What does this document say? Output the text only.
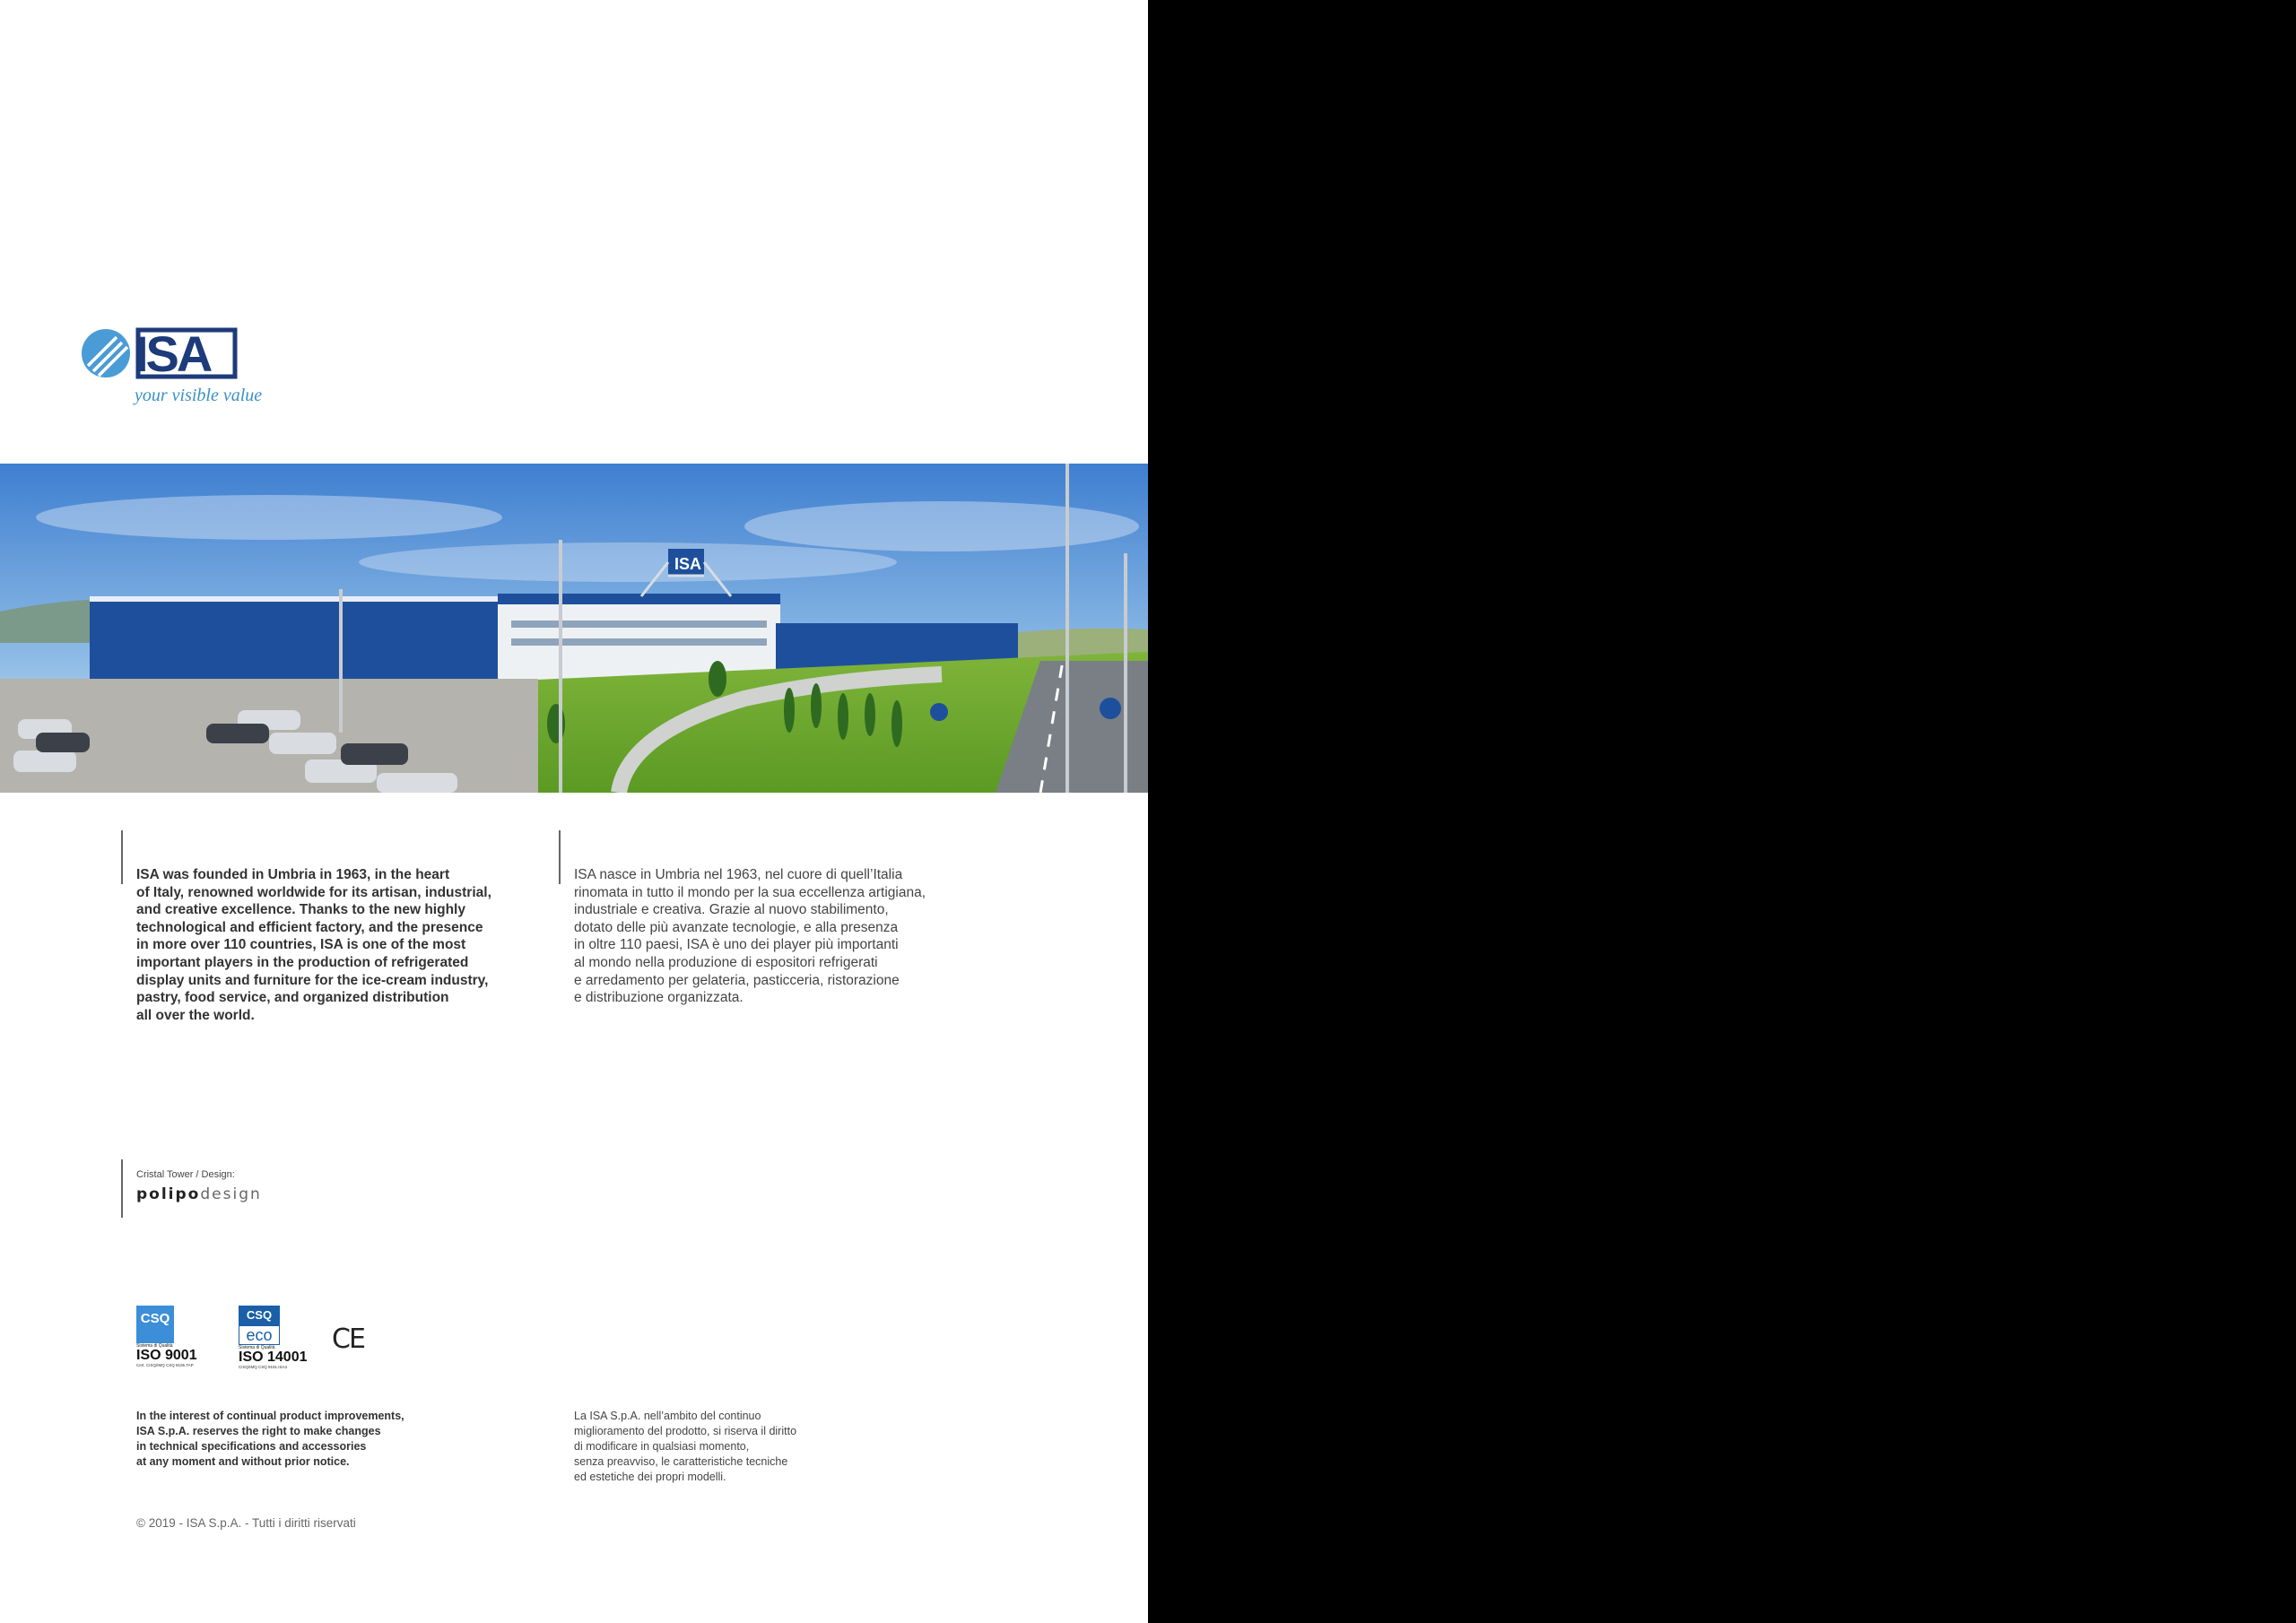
ISA
your visible value
ISA
ISA was founded in Umbria in 1963, in the heart
of Italy, renowned worldwide for its artisan, industrial,
and creative excellence. Thanks to the new highly
technological and efficient factory, and the presence
in more over 110 countries, ISA is one of the most
important players in the production of refrigerated
display units and furniture for the ice-cream industry,
pastry, food service, and organized distribution
all over the world.
ISA nasce in Umbria nel 1963, nel cuore di quell’Italia
rinomata in tutto il mondo per la sua eccellenza artigiana,
industriale e creativa. Grazie al nuovo stabilimento,
dotato delle più avanzate tecnologie, e alla presenza
in oltre 110 paesi, ISA è uno dei player più importanti
al mondo nella produzione di espositori refrigerati
e arredamento per gelateria, pasticceria, ristorazione
e distribuzione organizzata.
Cristal Tower / Design:
polipodesign
CSQ
Sistema di Qualità
ISO 9001
Cert. CISQ/IMQ CSQ 9105.TAP
CSQ
eco
Sistema di Qualità
ISO 14001
CISQ/IMQ CSQ 9191.ISA3
CE
In the interest of continual product improvements,
ISA S.p.A. reserves the right to make changes
in technical specifications and accessories
at any moment and without prior notice.
La ISA S.p.A. nell’ambito del continuo
miglioramento del prodotto, si riserva il diritto
di modificare in qualsiasi momento,
senza preavviso, le caratteristiche tecniche
ed estetiche dei propri modelli.
© 2019 - ISA S.p.A. - Tutti i diritti riservati
